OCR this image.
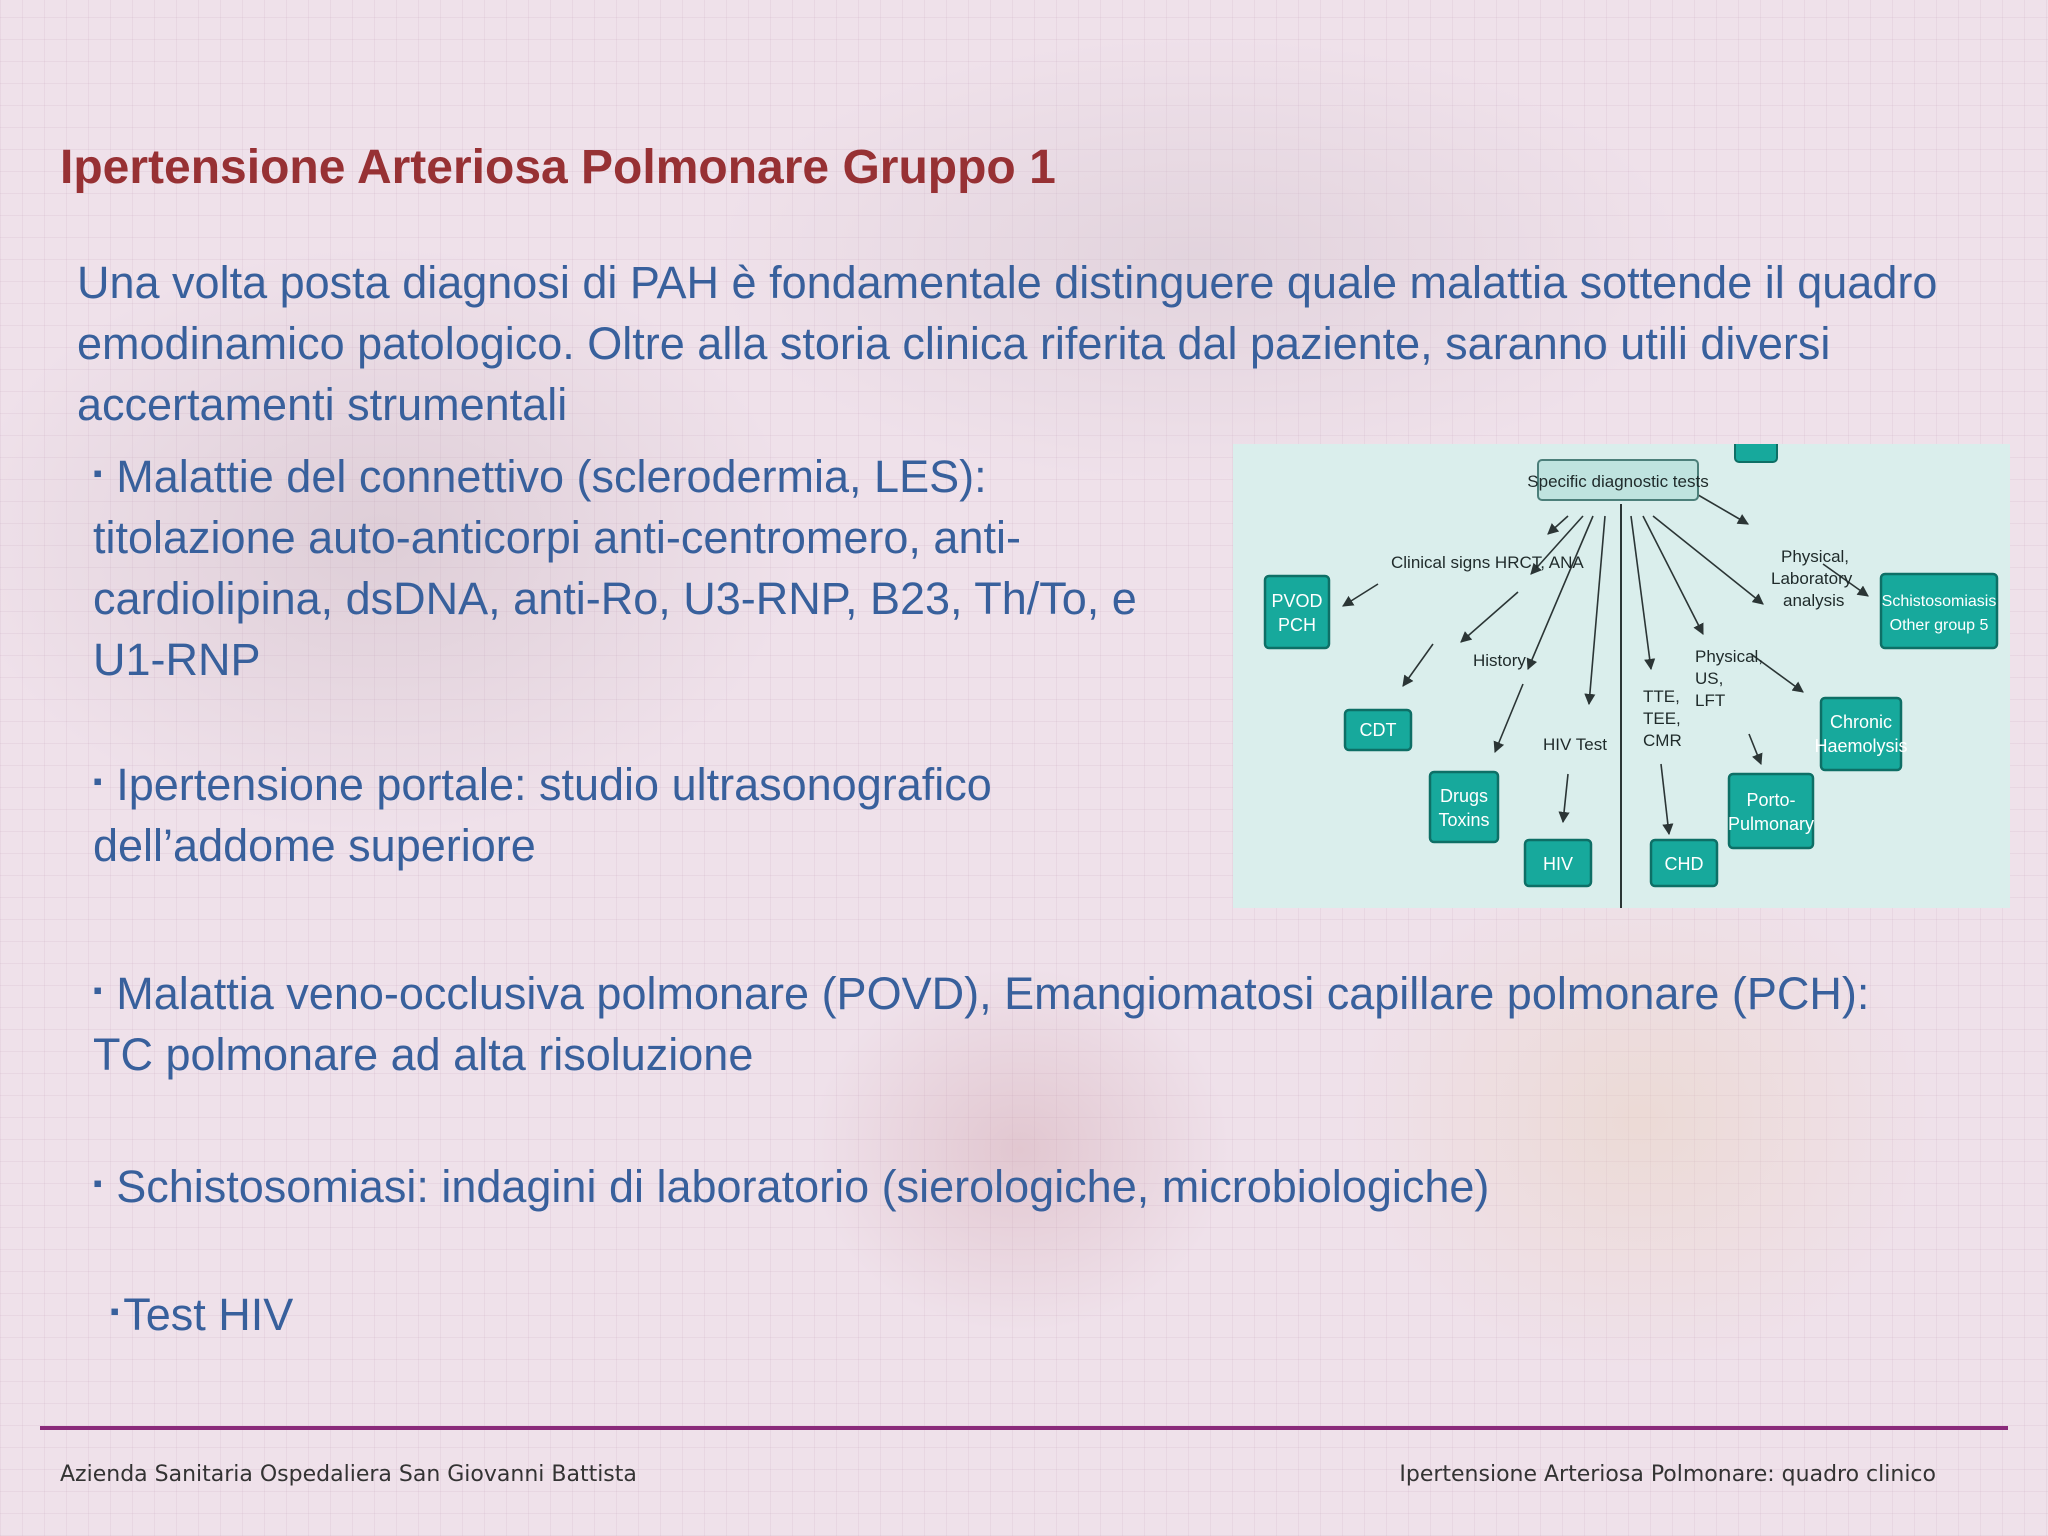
Ipertensione Arteriosa Polmonare Gruppo 1

Una volta posta diagnosi di PAH è fondamentale distinguere quale malattia sottende il quadro emodinamico patologico. Oltre alla storia clinica riferita dal paziente, saranno utili diversi accertamenti strumentali

▪ Malattie del connettivo (sclerodermia, LES): titolazione auto-anticorpi anti-centromero, anti-cardiolipina, dsDNA, anti-Ro, U3-RNP, B23, Th/To, e U1-RNP

▪ Ipertensione portale: studio ultrasonografico dell’addome superiore

▪ Malattia veno-occlusiva polmonare (POVD), Emangiomatosi capillare polmonare (PCH): TC polmonare ad alta risoluzione

▪ Schistosomiasi: indagini di laboratorio (sierologiche, microbiologiche)

▪Test HIV

Specific diagnostic tests
Clinical signs HRCT, ANA
History
HIV Test
TTE,
TEE,
CMR
Physical,
US,
LFT
Physical,
Laboratory
analysis
PVOD
PCH
CDT
Drugs
Toxins
HIV	CHD
Porto-
Pulmonary
Chronic
Haemolysis
Schistosomiasis
Other group 5

Azienda Sanitaria Ospedaliera San Giovanni Battista	Ipertensione Arteriosa Polmonare: quadro clinico
